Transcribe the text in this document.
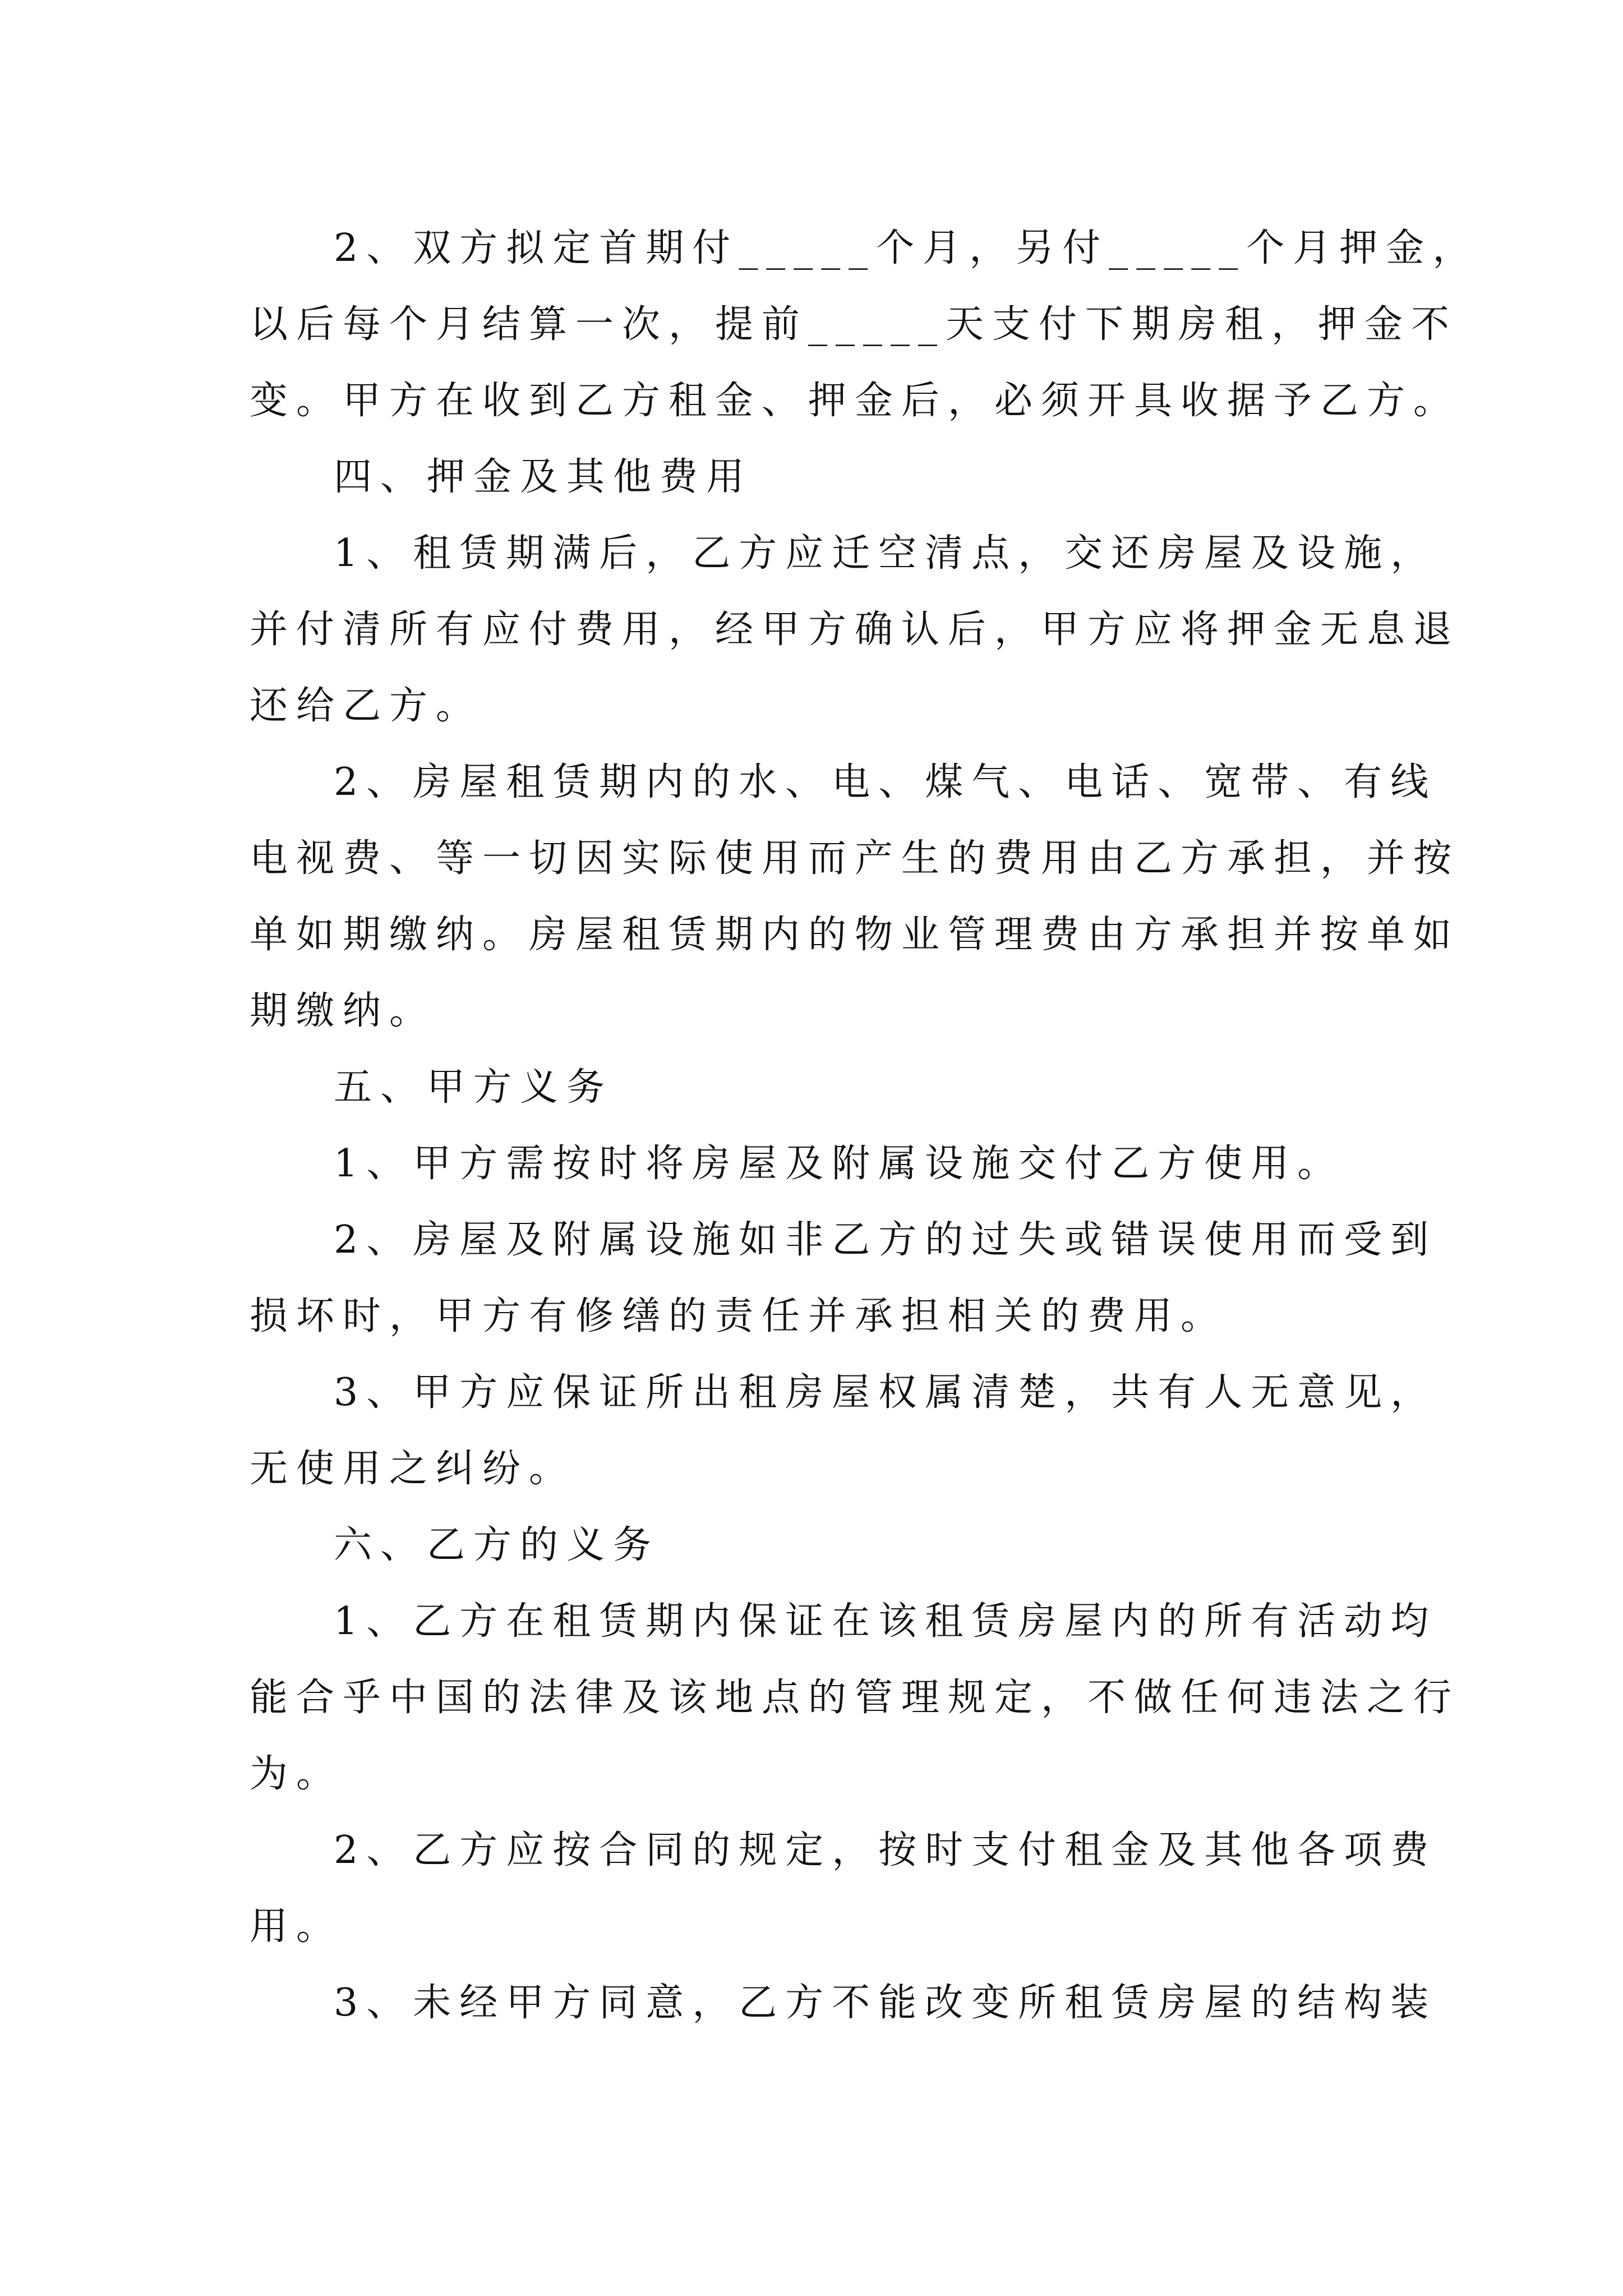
2、双方拟定首期付_____个月，另付_____个月押金，
以后每个月结算一次，提前_____天支付下期房租，押金不
变。甲方在收到乙方租金、押金后，必须开具收据予乙方。
四、押金及其他费用
1、租赁期满后，乙方应迁空清点，交还房屋及设施，
并付清所有应付费用，经甲方确认后，甲方应将押金无息退
还给乙方。
2、房屋租赁期内的水、电、煤气、电话、宽带、有线
电视费、等一切因实际使用而产生的费用由乙方承担，并按
单如期缴纳。房屋租赁期内的物业管理费由方承担并按单如
期缴纳。
五、甲方义务
1、甲方需按时将房屋及附属设施交付乙方使用。
2、房屋及附属设施如非乙方的过失或错误使用而受到
损坏时，甲方有修缮的责任并承担相关的费用。
3、甲方应保证所出租房屋权属清楚，共有人无意见，
无使用之纠纷。
六、乙方的义务
1、乙方在租赁期内保证在该租赁房屋内的所有活动均
能合乎中国的法律及该地点的管理规定，不做任何违法之行
为。
2、乙方应按合同的规定，按时支付租金及其他各项费
用。
3、未经甲方同意，乙方不能改变所租赁房屋的结构装
